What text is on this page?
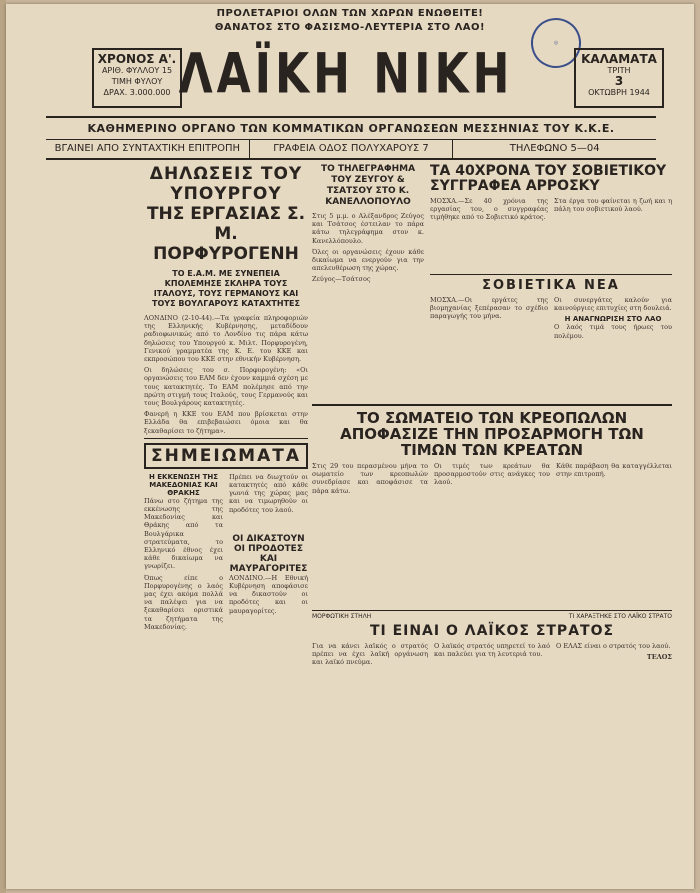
ΠΡΟΛΕΤΑΡΙΟΙ ΟΛΩΝ ΤΩΝ ΧΩΡΩΝ ΕΝΩΘΕΙΤΕ!
ΘΑΝΑΤΟΣ ΣΤΟ ΦΑΣΙΣΜΟ-ΛΕΥΤΕΡΙΑ ΣΤΟ ΛΑΟ!
◎
ΧΡΟΝΟΣ Α'.
ΑΡΙΘ. ΦΥΛΛΟΥ 15
ΤΙΜΗ ΦΥΛΟΥ
ΔΡΑΧ. 3.000.000 ΛΑΪΚΗ ΝΙΚΗ	ΚΑΛΑΜΑΤΑ
ΤΡΙΤΗ
3
ΟΚΤΩΒΡΗ 1944
ΚΑΘΗΜΕΡΙΝΟ ΟΡΓΑΝΟ ΤΩΝ ΚΟΜΜΑΤΙΚΩΝ ΟΡΓΑΝΩΣΕΩΝ ΜΕΣΣΗΝΙΑΣ ΤΟΥ Κ.Κ.Ε.
ΒΓΑΙΝΕΙ ΑΠΟ ΣΥΝΤΑΧΤΙΚΗ ΕΠΙΤΡΟΠΗ	ΓΡΑΦΕΙΑ ΟΔΟΣ ΠΟΛΥΧΑΡΟΥΣ 7	ΤΗΛΕΦΩΝΟ 5—04

ΔΗΛΩΣΕΙΣ ΤΟΥ ΥΠΟΥΡΓΟΥ

ΤΗΣ ΕΡΓΑΣΙΑΣ Σ. Μ. ΠΟΡΦΥΡΟΓΕΝΗ

ΤΟ Ε.Α.Μ. ΜΕ ΣΥΝΕΠΕΙΑ ΚΠΟΛΕΜΗΣΕ ΣΚΛΗΡΑ ΤΟΥΣ ΙΤΑΛΟΥΣ, ΤΟΥΣ ΓΕΡΜΑΝΟΥΣ ΚΑΙ ΤΟΥΣ ΒΟΥΛΓΑΡΟΥΣ ΚΑΤΑΧΤΗΤΕΣ

ΛΟΝΔΙΝΟ (2-10-44).—Τα γραφεία πληροφοριών της Ελληνικής Κυβέρνησης, μεταδίδουν ραδιοφωνικώς από το Λονδίνο τις πάρα κάτω δηλώσεις του Υπουργού κ. Μιλτ. Πορφυρογένη, Γενικού γραμματέα της Κ. Ε. του ΚΚΕ και εκπροσώπου του ΚΚΕ στην εθνικήν Κυβέρνηση.

Οι δηλώσεις του σ. Πορφυρογένη: «Οι οργανώσεις του ΕΑΜ δεν έχουν καμμιά σχέση με τους κατακτητές. Το ΕΑΜ πολέμησε από την πρώτη στιγμή τους Ιταλούς, τους Γερμανούς και τους Βουλγάρους κατακτητές.

Φανερή η ΚΚΕ του ΕΑΜ που βρίσκεται στην Ελλάδα θα επιβεβαιώσει όμοια και θα ξεκαθαρίσει το ζήτημα».

ΣΗΜΕΙΩΜΑΤΑ

Η ΕΚΚΕΝΩΣΗ ΤΗΣ ΜΑΚΕΔΟΝΙΑΣ ΚΑΙ ΘΡΑΚΗΣ

Πάνω στο ζήτημα της εκκένωσης της Μακεδονίας και Θράκης από τα Βουλγάρικα στρατεύματα, το Ελληνικό έθνος έχει κάθε δικαίωμα να γνωρίζει.

Όπως είπε ο Πορφυρογένης ο λαός μας έχει ακόμα πολλά να παλέψει για να ξεκαθαρίσει οριστικά τα ζητήματα της Μακεδονίας.

Πρέπει να διωχτούν οι κατακτητές από κάθε γωνιά της χώρας μας και να τιμωρηθούν οι προδότες του λαού.

ΟΙ ΔΙΚΑΣΤΟΥΝ ΟΙ ΠΡΟΔΟΤΕΣ ΚΑΙ ΜΑΥΡΑΓΟΡΙΤΕΣ

ΛΟΝΔΙΝΟ.—Η Εθνική Κυβέρνηση αποφάσισε να δικαστούν οι προδότες και οι μαυραγορίτες.

ΤΟ ΤΗΛΕΓΡΑΦΗΜΑ ΤΟΥ ΖΕΥΓΟΥ & ΤΣΑΤΣΟΥ ΣΤΟ Κ. ΚΑΝΕΛΛΟΠΟΥΛΟ

Στις 5 μ.μ. ο Αλέξανδρος Ζεύγος και Τσάτσος έστειλαν το πάρα κάτω τηλεγράφημα στον κ. Κανελλόπουλο.

Όλες οι οργανώσεις έχουν κάθε δικαίωμα να ενεργούν για την απελευθέρωση της χώρας.

Ζεύγος—Τσάτσος

ΤΑ 40ΧΡΟΝΑ ΤΟΥ ΣΟΒΙΕΤΙΚΟΥ ΣΥΓΓΡΑΦΕΑ ΑΡΡΟΣΚΥ

ΜΟΣΧΑ.—Σε 40 χρόνια της εργασίας του, ο συγγραφέας τιμήθηκε από το Σοβιετικό κράτος.

Στα έργα του φαίνεται η ζωή και η πάλη του σοβιετικού λαού.

ΣΟΒΙΕΤΙΚΑ ΝΕΑ

ΜΟΣΧΑ.—Οι εργάτες της βιομηχανίας ξεπέρασαν το σχέδιο παραγωγής του μήνα.

Οι συνεργάτες καλούν για καινούργιες επιτυχίες στη δουλειά.

Η ΑΝΑΓΝΩΡΙΣΗ ΣΤΟ ΛΑΟ

Ο λαός τιμά τους ήρωες του πολέμου.

ΤΟ ΣΩΜΑΤΕΙΟ ΤΩΝ ΚΡΕΟΠΩΛΩΝ ΑΠΟΦΑΣΙΖΕ ΤΗΝ ΠΡΟΣΑΡΜΟΓΗ ΤΩΝ ΤΙΜΩΝ ΤΩΝ ΚΡΕΑΤΩΝ

Στις 29 του περασμένου μήνα το σωματείο των κρεοπωλών συνεδρίασε και αποφάσισε τα πάρα κάτω.

Οι τιμές των κρεάτων θα προσαρμοστούν στις ανάγκες του λαού.

Κάθε παράβαση θα καταγγέλλεται στην επιτροπή.

ΜΟΡΦΩΤΙΚΗ ΣΤΗΛΗ	ΤΙ ΧΑΡΑΞΤΗΚΕ ΣΤΟ ΛΑΪΚΟ ΣΤΡΑΤΟ

ΤΙ ΕΙΝΑΙ Ο ΛΑΪΚΟΣ ΣΤΡΑΤΟΣ

Για να κάνει λαϊκός ο στρατός πρέπει να έχει λαϊκή οργάνωση και λαϊκό πνεύμα.

Ο λαϊκός στρατός υπηρετεί το λαό και παλεύει για τη λευτεριά του.

Ο ΕΛΑΣ είναι ο στρατός του λαού.

ΤΕΛΟΣ
